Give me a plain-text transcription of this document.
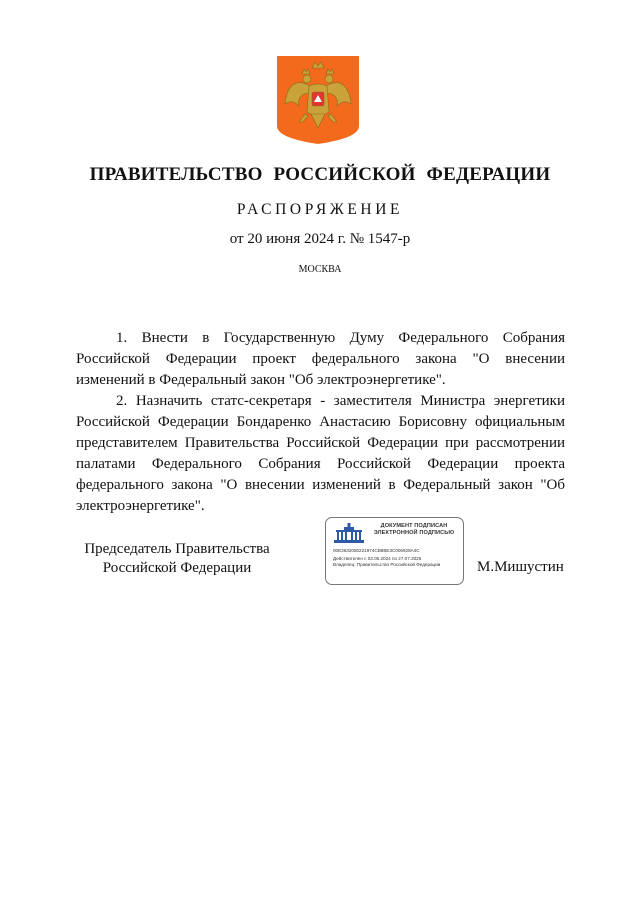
ПРАВИТЕЛЬСТВО РОССИЙСКОЙ ФЕДЕРАЦИИ
РАСПОРЯЖЕНИЕ
от 20 июня 2024 г. № 1547-р
МОСКВА

1. Внести в Государственную Думу Федерального Собрания Российской Федерации проект федерального закона "О внесении изменений в Федеральный закон "Об электроэнергетике".

2. Назначить статс-секретаря - заместителя Министра энергетики Российской Федерации Бондаренко Анастасию Борисовну официальным представителем Правительства Российской Федерации при рассмотрении палатами Федерального Собрания Российской Федерации проекта федерального закона "О внесении изменений в Федеральный закон "Об электроэнергетике".

Председатель Правительства
Российской Федерации
ДОКУМЕНТ ПОДПИСАН
ЭЛЕКТРОННОЙ ПОДПИСЬЮ
00E3632080221974CB8BE3C006928A4C
Действителен с 03.05.2024 по 27.07.2025
Владелец: Правительство Российской Федерации	М.Мишустин
